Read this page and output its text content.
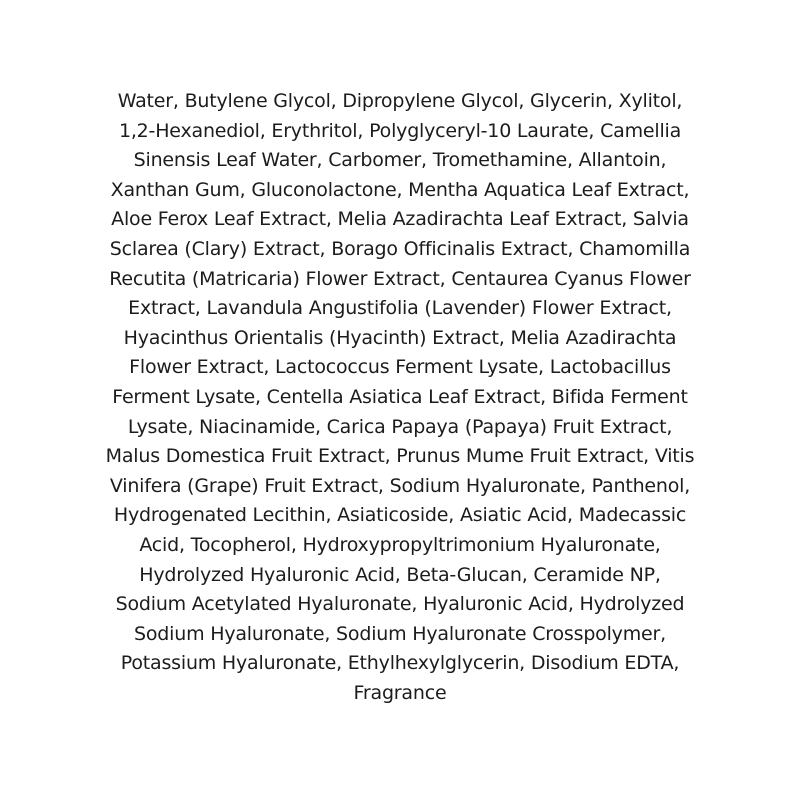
Water, Butylene Glycol, Dipropylene Glycol, Glycerin, Xylitol,
1,2-Hexanediol, Erythritol, Polyglyceryl-10 Laurate, Camellia
Sinensis Leaf Water, Carbomer, Tromethamine, Allantoin,
Xanthan Gum, Gluconolactone, Mentha Aquatica Leaf Extract,
Aloe Ferox Leaf Extract, Melia Azadirachta Leaf Extract, Salvia
Sclarea (Clary) Extract, Borago Officinalis Extract, Chamomilla
Recutita (Matricaria) Flower Extract, Centaurea Cyanus Flower
Extract, Lavandula Angustifolia (Lavender) Flower Extract,
Hyacinthus Orientalis (Hyacinth) Extract, Melia Azadirachta
Flower Extract, Lactococcus Ferment Lysate, Lactobacillus
Ferment Lysate, Centella Asiatica Leaf Extract, Bifida Ferment
Lysate, Niacinamide, Carica Papaya (Papaya) Fruit Extract,
Malus Domestica Fruit Extract, Prunus Mume Fruit Extract, Vitis
Vinifera (Grape) Fruit Extract, Sodium Hyaluronate, Panthenol,
Hydrogenated Lecithin, Asiaticoside, Asiatic Acid, Madecassic
Acid, Tocopherol, Hydroxypropyltrimonium Hyaluronate,
Hydrolyzed Hyaluronic Acid, Beta-Glucan, Ceramide NP,
Sodium Acetylated Hyaluronate, Hyaluronic Acid, Hydrolyzed
Sodium Hyaluronate, Sodium Hyaluronate Crosspolymer,
Potassium Hyaluronate, Ethylhexylglycerin, Disodium EDTA,
Fragrance
